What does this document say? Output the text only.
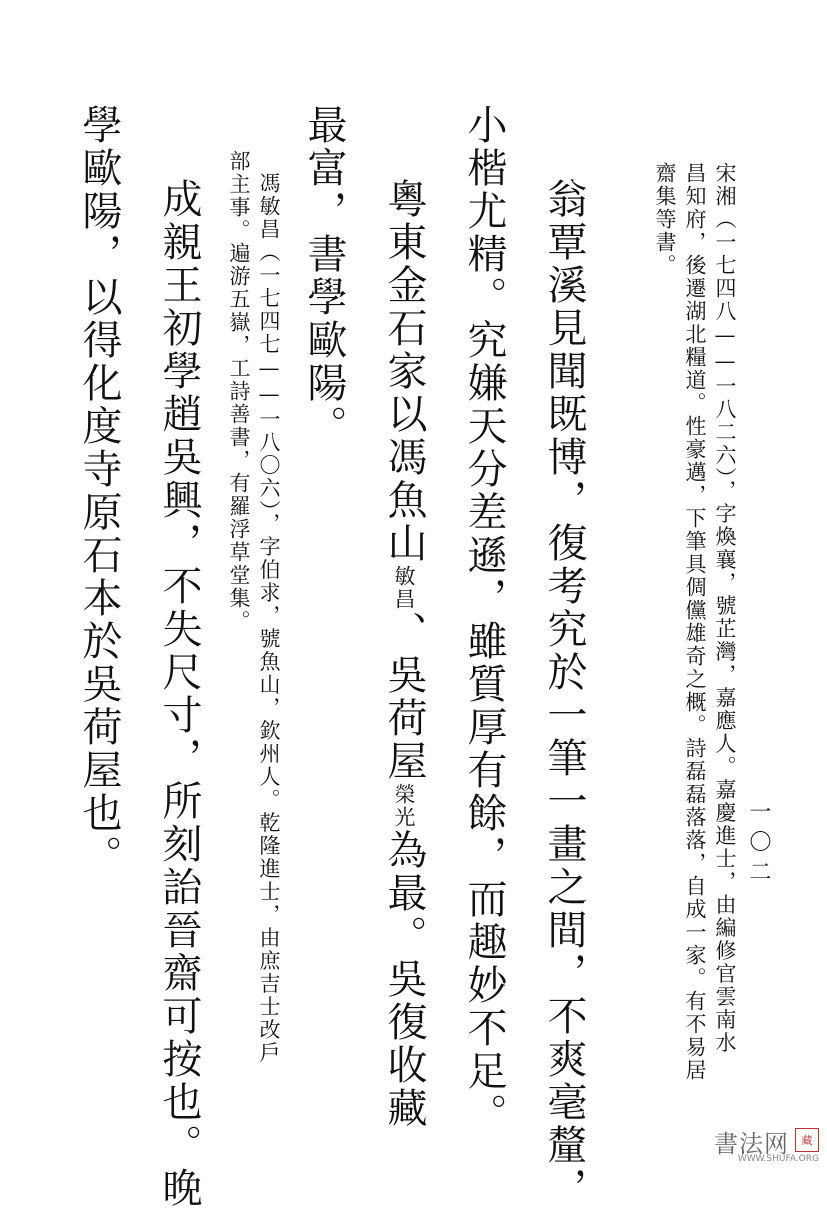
一〇二
宋湘（一七四八——一八二六），字煥襄，號芷灣，嘉應人。嘉慶進士，由編修官雲南水
昌知府，後遷湖北糧道。性豪邁，下筆具倜儻雄奇之概。詩磊磊落落，自成一家。有不易居
齋集等書。
翁覃溪見聞既博，復考究於一筆一畫之間，不爽毫釐，
小楷尤精。究嫌天分差遜，雖質厚有餘，而趣妙不足。
粵東金石家以馮魚山敏昌、吳荷屋榮光為最。吳復收藏
最富，書學歐陽。
馮敏昌（一七四七——一八〇六），字伯求，號魚山，欽州人。乾隆進士，由庶吉士改戶
部主事。遍游五嶽，工詩善書，有羅浮草堂集。
成親王初學趙吳興，不失尺寸，所刻詒晉齋可按也。晚
學歐陽，以得化度寺原石本於吳荷屋也。
書法网	藏
WWW.SHUFA.ORG
